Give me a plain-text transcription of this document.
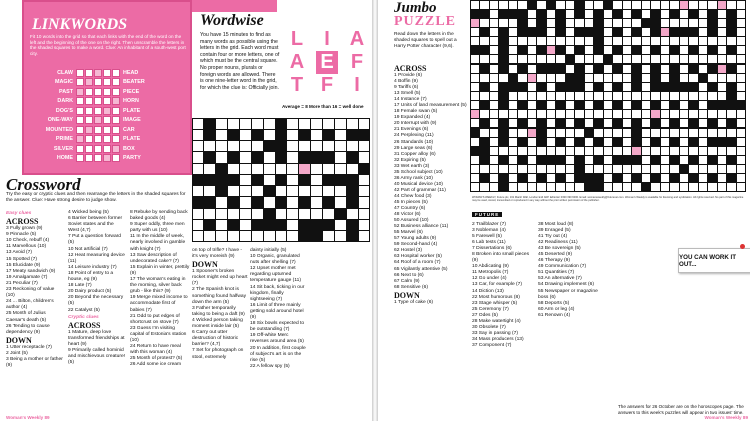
LINKWORDS
Fit 10 words into the grid so that each links with the end of the word on the left and the beginning of the one on the right. Then unscramble the letters in the shaded squares to make a word. Clue: An inhabitant of a south-west port city.
CLAW	HEAD
MAGIC	BEATER
PAST	PIECE
DARK	HORN
DOG'S	PLATE
ONE-WAY	IMAGE
MOUNTED	CAR
PRIME	PLATE
SILVER	BOX
HOME	PARTY
Wordwise
You have 15 minutes to find as many words as possible using the letters in the grid. Each word must contain four or more letters, one of which must be the central square. No proper nouns, plurals or foreign words are allowed. There is one nine-letter word in the grid, for which the clue is: Officially join.
L	I A
A E F
T F	I
Average = 8 More than 16 = well done
Crossword
Try the easy or cryptic clues and then rearrange the letters in the shaded squares for the answer. Clue: Have strong desire to judge show.
Easy clues
ACROSS
3 Fully grown (9)
9 Pinnacle (5)
10 Check, rebuff (4)
11 Marvellous (10)
13 Avoid (7)
15 Spotted (7)
15 Elucidate (9)
17 Meaty sandwich (9)
19 Amalgamate (7)
21 Peculiar (7)
23 Reckoning of value (10)
24 ... Bilton, children's author (4)
25 Month of Julius Caesar's death (5)
26 Tending to cause dependency (9)
DOWN
1 Utter receptacle (7)
2 Joint (5)
3 Being a mother or father (9)
4 Wicked being (5)
6 Barrier between former Soviet states and the West (4,7)
7 Put a question forward (5)
10 Not artificial (7)
12 Heat measuring device (11)
14 Leisure industry (7)
18 Point of entry to a house, eg (9)
18 Late (7)
20 Dairy product (5)
20 Beyond the necessary (5)
22 Catalyst (5)
Cryptic clues
ACROSS
1 Mature, deep love transformed friendships at heart (9)
9 Primarily called hominid and mischievous creature! (5)
8 Rebuke by sending back baked goods (4)
9 Super oddly, three men party with us (10)
11 In the middle of week, nearly involved in gamble with knight (7)
13 Saw description of undecorated cake? (7)
15 Explain in winter, prettily (9)
17 The woman's eating in the morning, silver back grub - like this? (9)
19 Merge mixed income to accommodate first of babies (7)
21 Odd to put edges of shortcrust on stove (7)
23 Guess I'm visiting capital of Estonia's station (10)
24 Return to have meal with this woman (4)
25 Month of protest? (5)
26 Add some ice cream
on top of trifle? I have - it's very moreish (9)
DOWN
1 Spooner's broken rocket might end up heart (7)
2 The Spanish knot is something found halfway down the arm (5)
3 Father temporarily taking to being a daft (9)
4 Wicked person taking moment inside lair (5)
6 Carry out utter destruction of historic barrier? (4,7)
7 Set for photograph on stool, extremely
dainty initially (5)
10 Organic, granulated nuts after shelling (7)
12 Upset mother met regarding upturned temperature gauge (11)
14 Sit back, ticking in our kingdom, finally sightseeing (7)
16 Limit of three mainly getting sold around hotel (9)
18 Six bowls expected to be outstanding (7)
19 Off-white Merc reverses around area (5)
20 In addition, first couple of subject's art is on the rise (5)
22 A fellow spy (5)
Woman's Weekly 89
Jumbo
PUZZLE
Read down the letters in the shaded squares to spell out a Harry Potter character (9,6).
WOMAN'S WEEKLY, Future plc, 161 Marsh Wall, London E14 9AP. Editorial: 0330 390 6000. Email: womansweekly@futurenet.com. Woman's Weekly is available for licensing and syndication. All rights reserved. No part of this magazine may be used, stored, transmitted or reproduced in any way without the prior written permission of the publisher.
FUTURE
ACROSS
1 Provide (6)
4 Boffin (9)
9 Tariffs (6)
13 Smell (5)
14 Instance (7)
17 Units of land measurement (5)
18 Female swan (5)
19 Expanded (4)
20 Interrupt with (9)
21 Evenings (6)
24 Perplexing (11)
26 Standards (10)
29 Large seas (6)
31 Copper alloy (6)
32 Expiring (5)
33 Wet earth (3)
35 School subject (10)
36 Army rank (10)
40 Musical device (10)
42 Part of grammar (11)
44 Chew food (3)
45 In pieces (5)
47 Country (6)
48 Victor (6)
50 Assured (10)
52 Business alliance (11)
55 Marvel (6)
57 Young adults (9)
59 Second-hand (4)
62 Hostel (3)
63 Hospital worker (5)
64 Roof of a room (7)
65 Vigilantly attentive (5)
66 Next to (6)
67 Calm (9)
68 Sensitive (6)
DOWN
1 Type of cake (6)
2 Trailblazer (7)
3 Nobleman (4)
5 Farewell (5)
6 Lab tests (11)
7 Dissertations (6)
8 Broken into small pieces (9)
10 Abdicating (9)
11 Metropolis (7)
12 Go under (4)
13 Car, for example (7)
14 Diction (13)
22 Most humorous (8)
23 Stage whisper (5)
25 Ceremony (7)
27 Odes (5)
28 Make watertight (4)
30 Obsolete (7)
33 Say in passing (7)
34 Mass producers (13)
37 Component (7)
38 Most loud (8)
39 Enraged (5)
41 Try out (4)
42 Readiness (11)
43 Be sovereign (5)
45 Deserted (9)
46 Therapy (9)
49 Communication (7)
51 Quantities (7)
53 An alternative (7)
54 Drawing implement (6)
55 Newspaper or magazine boss (6)
58 Deports (5)
60 Arm or leg (4)
61 Renown (4)
YOU CAN WORK IT OUT...
The answers for 26 October are on the horoscopes page. The answers to this week's puzzles will appear in two issues' time.
Woman's Weekly 89
